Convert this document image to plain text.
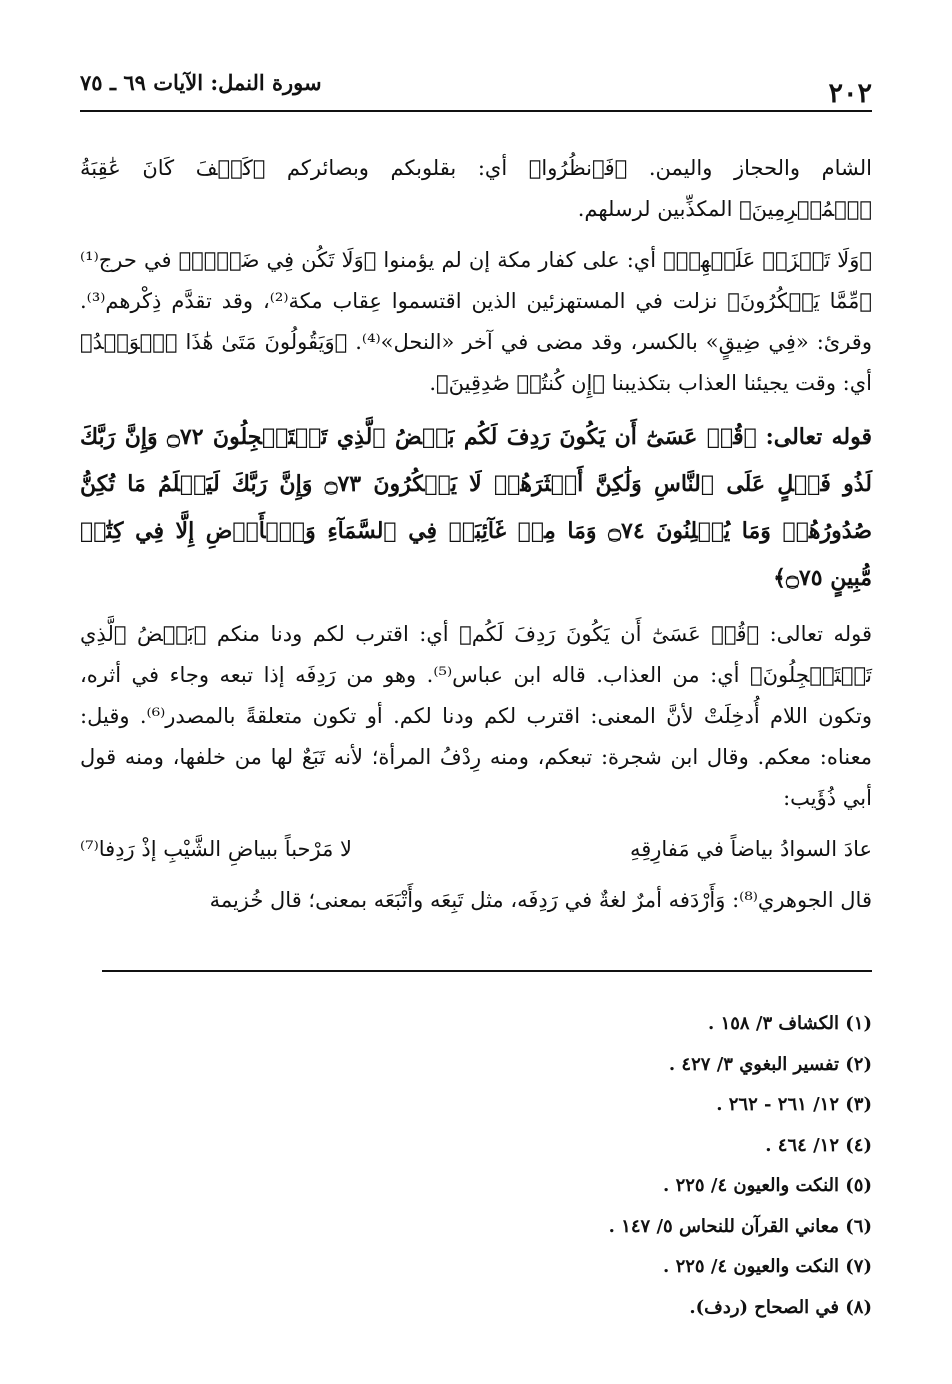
٢٠٢
سورة النمل: الآيات ٦٩ ـ ٧٥

الشام والحجاز واليمن. ﴿فَٱنظُرُوا﴾ أي: بقلوبكم وبصائركم ﴿كَيۡفَ كَانَ عَٰقِبَةُ ٱلۡمُجۡرِمِينَ﴾ المكذِّبين لرسلهم.

﴿وَلَا تَحۡزَنۡ عَلَيۡهِمۡ﴾ أي: على كفار مكة إن لم يؤمنوا ﴿وَلَا تَكُن فِي ضَيۡقٖ﴾ في حرج⁽¹⁾ ﴿مِّمَّا يَمۡكُرُونَ﴾ نزلت في المستهزئين الذين اقتسموا عِقاب مكة⁽²⁾، وقد تقدَّم ذِكْرهم⁽³⁾. وقرئ: «فِي ضِيقٍ» بالكسر، وقد مضى في آخر «النحل»⁽⁴⁾. ﴿وَيَقُولُونَ مَتَىٰ هَٰذَا ٱلۡوَعۡدُ﴾ أي: وقت يجيئنا العذاب بتكذيبنا ﴿إِن كُنتُمۡ صَٰدِقِينَ﴾.

قوله تعالى: ﴿قُلۡ عَسَىٰٓ أَن يَكُونَ رَدِفَ لَكُم بَعۡضُ ٱلَّذِي تَسۡتَعۡجِلُونَ ۝٧٢ وَإِنَّ رَبَّكَ لَذُو فَضۡلٍ عَلَى ٱلنَّاسِ وَلَٰكِنَّ أَكۡثَرَهُمۡ لَا يَشۡكُرُونَ ۝٧٣ وَإِنَّ رَبَّكَ لَيَعۡلَمُ مَا تُكِنُّ صُدُورُهُمۡ وَمَا يُعۡلِنُونَ ۝٧٤ وَمَا مِنۡ غَآئِبَةٖ فِي ٱلسَّمَآءِ وَٱلۡأَرۡضِ إِلَّا فِي كِتَٰبٖ مُّبِينٍ ۝٧٥﴾

قوله تعالى: ﴿قُلۡ عَسَىٰٓ أَن يَكُونَ رَدِفَ لَكُم﴾ أي: اقترب لكم ودنا منكم ﴿بَعۡضُ ٱلَّذِي تَسۡتَعۡجِلُونَ﴾ أي: من العذاب. قاله ابن عباس⁽⁵⁾. وهو من رَدِفَه إذا تبعه وجاء في أثره، وتكون اللام أُدخِلَتْ لأنَّ المعنى: اقترب لكم ودنا لكم. أو تكون متعلقةً بالمصدر⁽⁶⁾. وقيل: معناه: معكم. وقال ابن شجرة: تبعكم، ومنه رِدْفُ المرأة؛ لأنه تَبَعٌ لها من خلفها، ومنه قول أبي ذُؤَيب:

عادَ السوادُ بياضاً في مَفارِقِهِ
لا مَرْحباً ببياضِ الشَّيْبِ إذْ رَدِفا⁽⁷⁾

قال الجوهري⁽⁸⁾: وَأَرْدَفه أمرٌ لغةٌ في رَدِفَه، مثل تَبِعَه وأَتْبَعَه بمعنى؛ قال خُزيمة

(١) الكشاف ٣/ ١٥٨ .
(٢) تفسير البغوي ٣/ ٤٢٧ .
(٣) ١٢/ ٢٦١ - ٢٦٢ .
(٤) ١٢/ ٤٦٤ .
(٥) النكت والعيون ٤/ ٢٢٥ .
(٦) معاني القرآن للنحاس ٥/ ١٤٧ .
(٧) النكت والعيون ٤/ ٢٢٥ .
(٨) في الصحاح (ردف).
